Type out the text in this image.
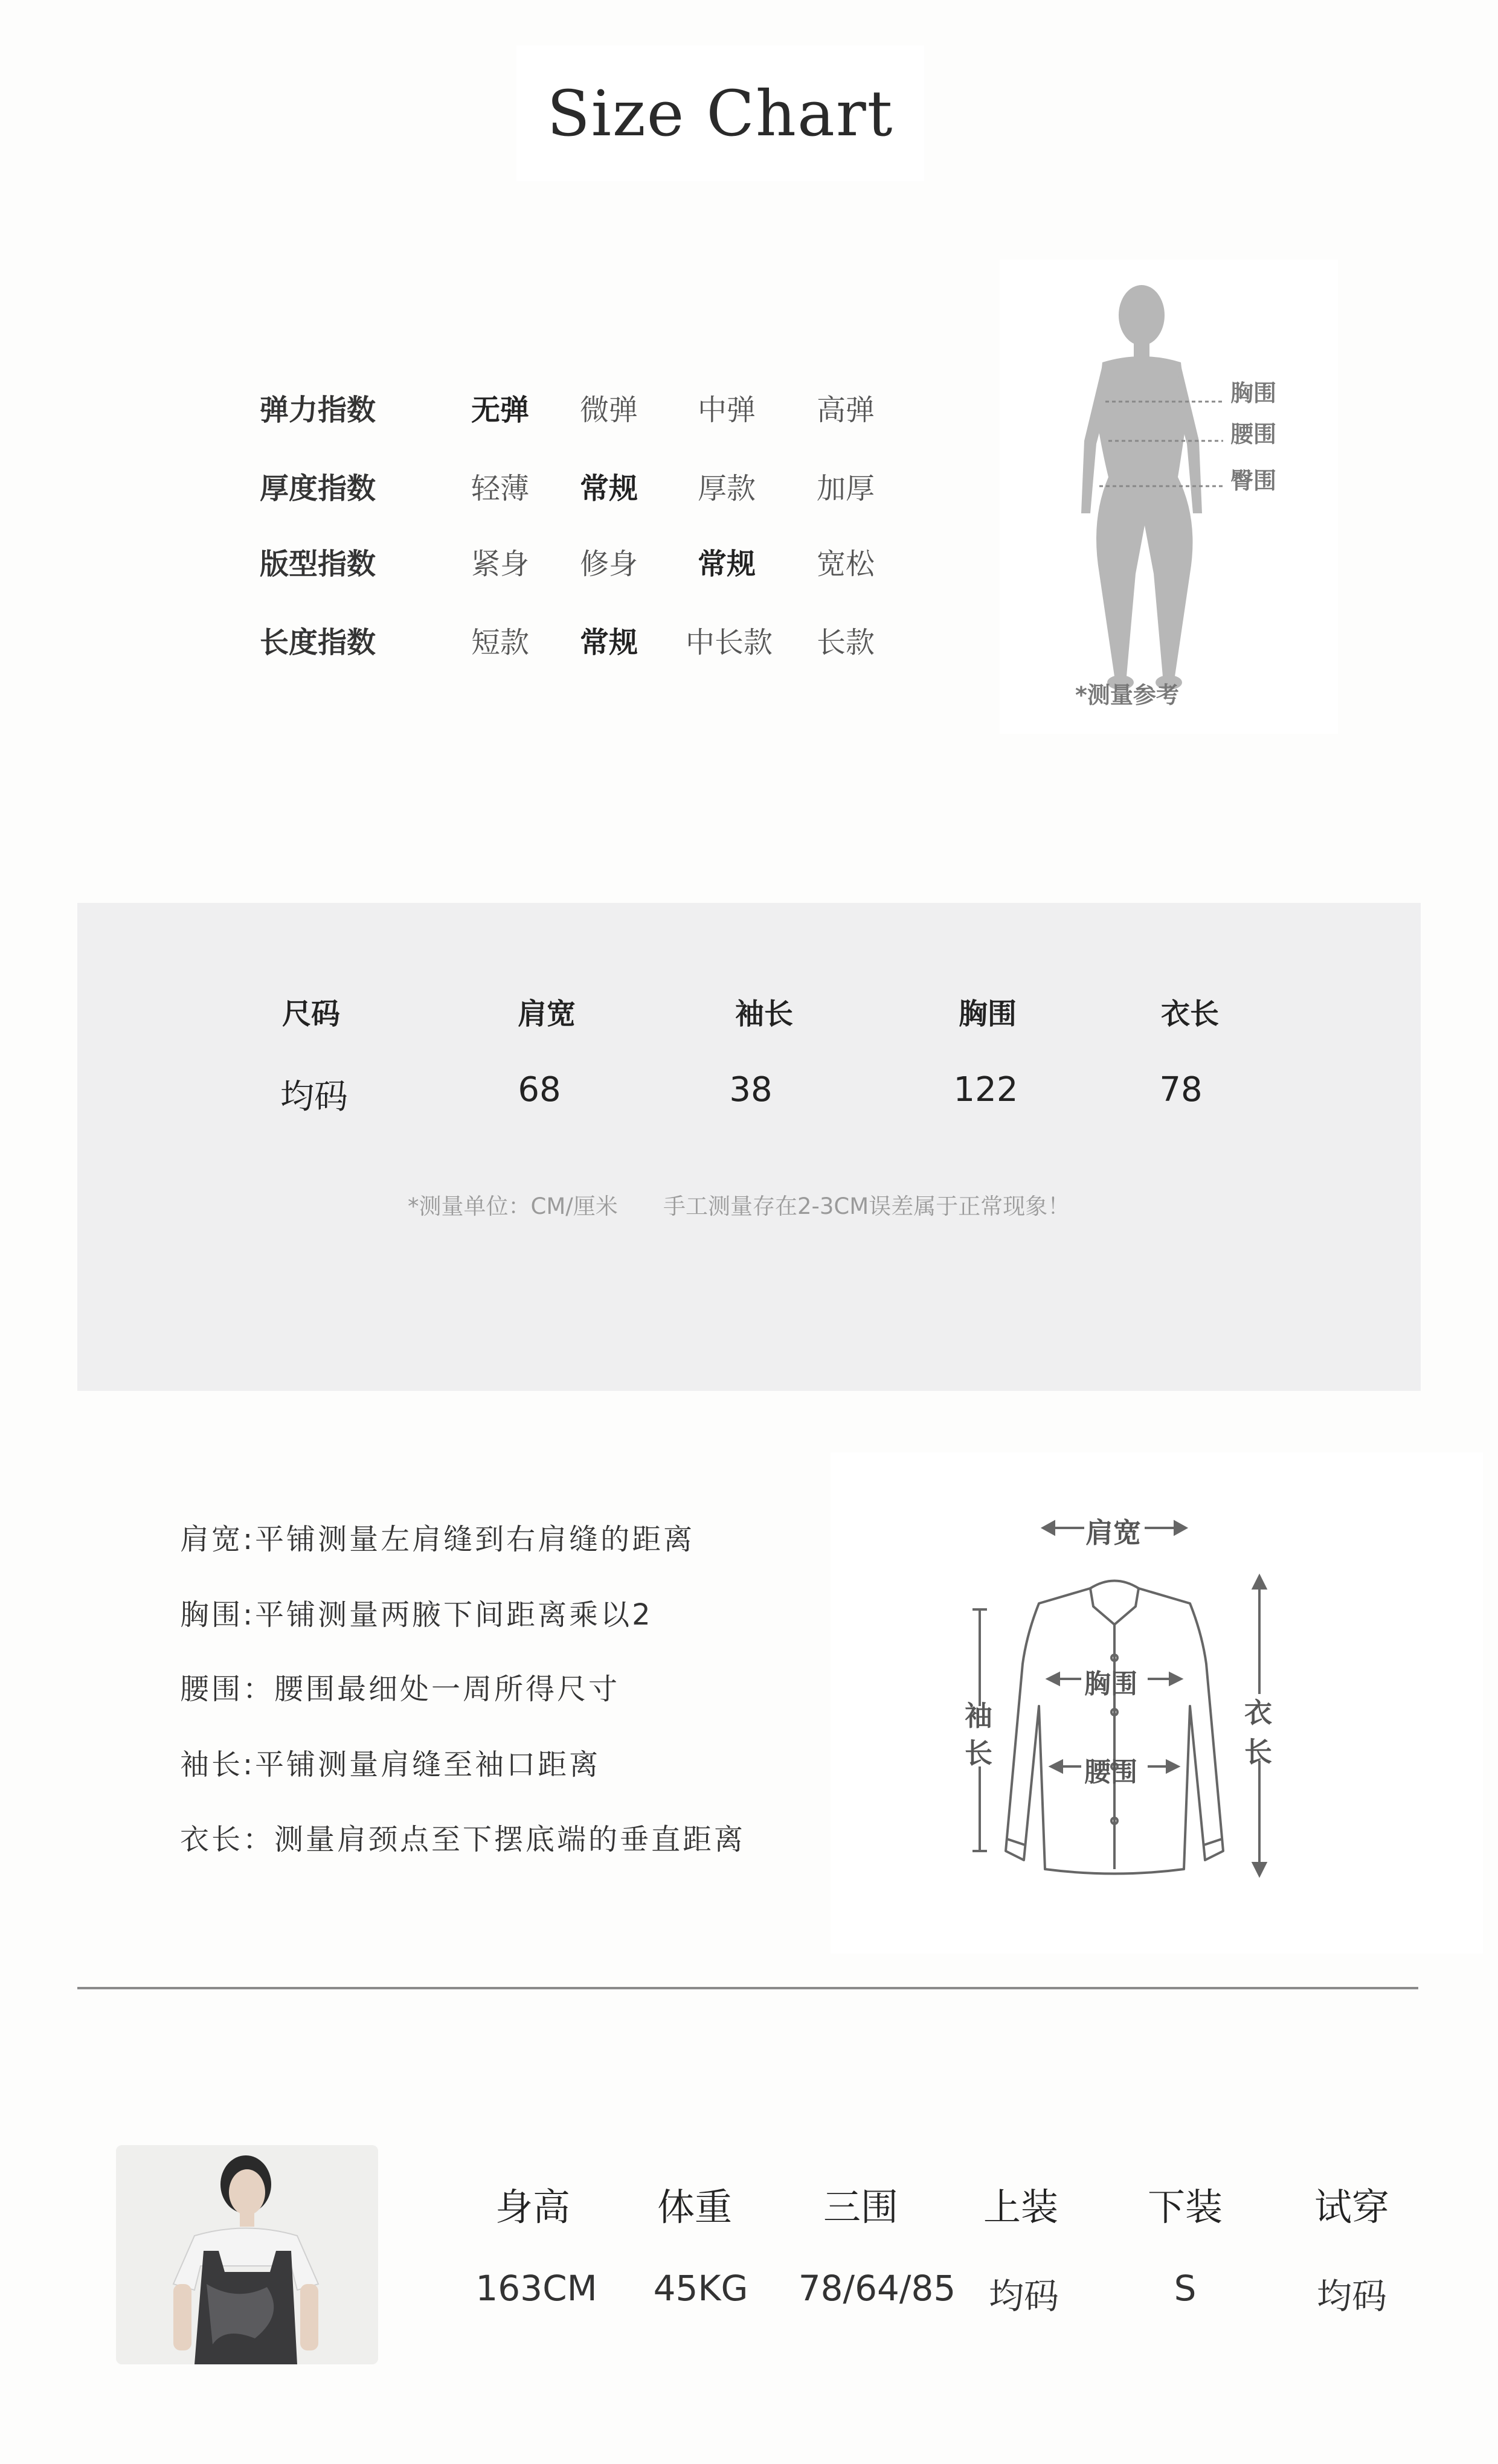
Size Chart
弹力指数	无弹 微弹 中弹 高弹
厚度指数	轻薄 常规 厚款 加厚
版型指数	紧身 修身 常规 宽松
长度指数	短款 常规 中长款 长款
胸围
腰围
臀围
*测量参考
尺码	肩宽	袖长	胸围	衣长
均码	68	38	122	78
*测量单位：CM/厘米 手工测量存在2-3CM误差属于正常现象！
肩宽:平铺测量左肩缝到右肩缝的距离
胸围:平铺测量两腋下间距离乘以2
腰围：腰围最细处一周所得尺寸
袖长:平铺测量肩缝至袖口距离
衣长：测量肩颈点至下摆底端的垂直距离
肩宽
袖
长
胸围
腰围
衣
长
身高 体重 三围 上装 下装 试穿
163CM 45KG 78/64/85 均码	S	均码
